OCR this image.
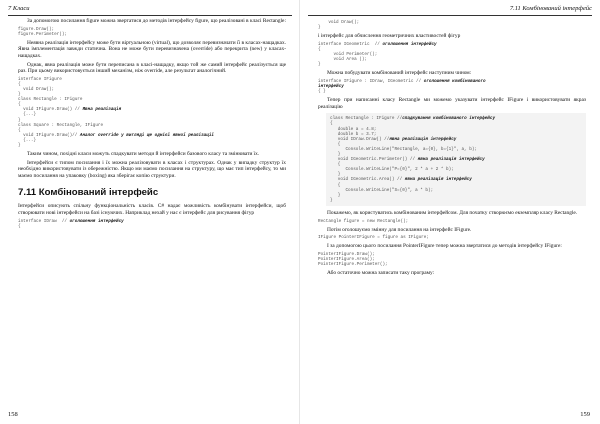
7 Класи

За допомогою посилання figure можна звертатися до методів інтерфейсу figure, що реалізовані в класі Rectangle:

figure.Draw();
figure.Perimeter();

Неявна реалізація інтерфейсу може бути віртуальною (virtual), що дозволяє перевизначати її в класах-нащадках. Явна імплементація завжди статична. Вона не може бути перевизначена (override) або перекрита (new) у класах-нащадках.

Однак, явна реалізація може бути переписана в класі-нащадку, якщо той же самий інтерфейс реалізується ще раз. При цьому використовується інший механізм, ніж override, але результат аналогічний.

interface IFigure
{
void Draw();
}
class Rectangle : IFigure
{
void IFigure.Draw() // Явна реалізація
{...}
}
class Square : Rectangle, IFigure
{
void IFigure.Draw()// Аналог override у вигляді ще однієї явної реалізації
{...}
}

Таким чином, похідні класи можуть спадкувати методи й інтерфейси базового класу та змінювати їх.

Інтерфейси є типом посилання і їх можна реалізовувати в класах і структурах. Однак у випадку структур їх необхідно використовувати із обережністю. Якщо ми маємо посилання на структуру, що має тип інтерфейсу, то ми маємо посилання на упаковку (boxing) яка зберігає копію структури.

7.11 Комбінований інтерфейс

Інтерфейси описують спільну функціональність класів. C# надає можливість комбінувати інтерфейси, щоб створювати нові інтерфейси на базі існуючих. Наприклад нехай у нас є інтерфейс для рисування фігур

interface IDraw  // оголошення інтерфейсу
{
158
7.11 Комбінований інтерфейс
void Draw();
}

і інтерфейс для обчислення геометричних властивостей фігур

interface IGeometric  // оголошення інтерфейсу
{
void Perimeter();
void Area ();
}

Можна побудувати комбінований інтерфейс наступним чином:

interface IFigure : IDraw, IGeometric // оголошення комбінованого
інтерфейсу
{ }

Тепер при написанні класу Rectangle ми можемо указувати інтерфейс IFigure і використовувати якраз реалізацію

class Rectangle : IFigure //спадкування комбінованого інтерфейсу
{
double a = 4.8;
double b = 3.7;
void IDraw.Draw() //явна реалізація інтерфейсу
{
Console.WriteLine("Rectangle, a={0}, b={1}", a, b);
}
void IGeometric.Perimeter() // явна реалізація інтерфейсу
{
Console.WriteLine("P={0}", 2 * a + 2 * b);
}
void IGeometric.Area() // явна реалізація інтерфейсу
{
Console.WriteLine("S={0}", a * b);
}
}

Покажемо, як користуватись комбінованим інтерфейсом. Для початку створюємо екземпляр класу Rectangle.

Rectangle figure = new Rectangle();

Потім оголошуємо змінну для посилання на інтерфейс IFigure.

IFigure PointerIFigure = figure as IFigure;

І за допомогою цього посилання PointerIFigure тепер можна звертатися до методів інтерфейсу IFigure:

PointerIFigure.Draw();
PointerIFigure.Area();
PointerIFigure.Perimeter();

Або остаточно можна записати таку програму:

159
